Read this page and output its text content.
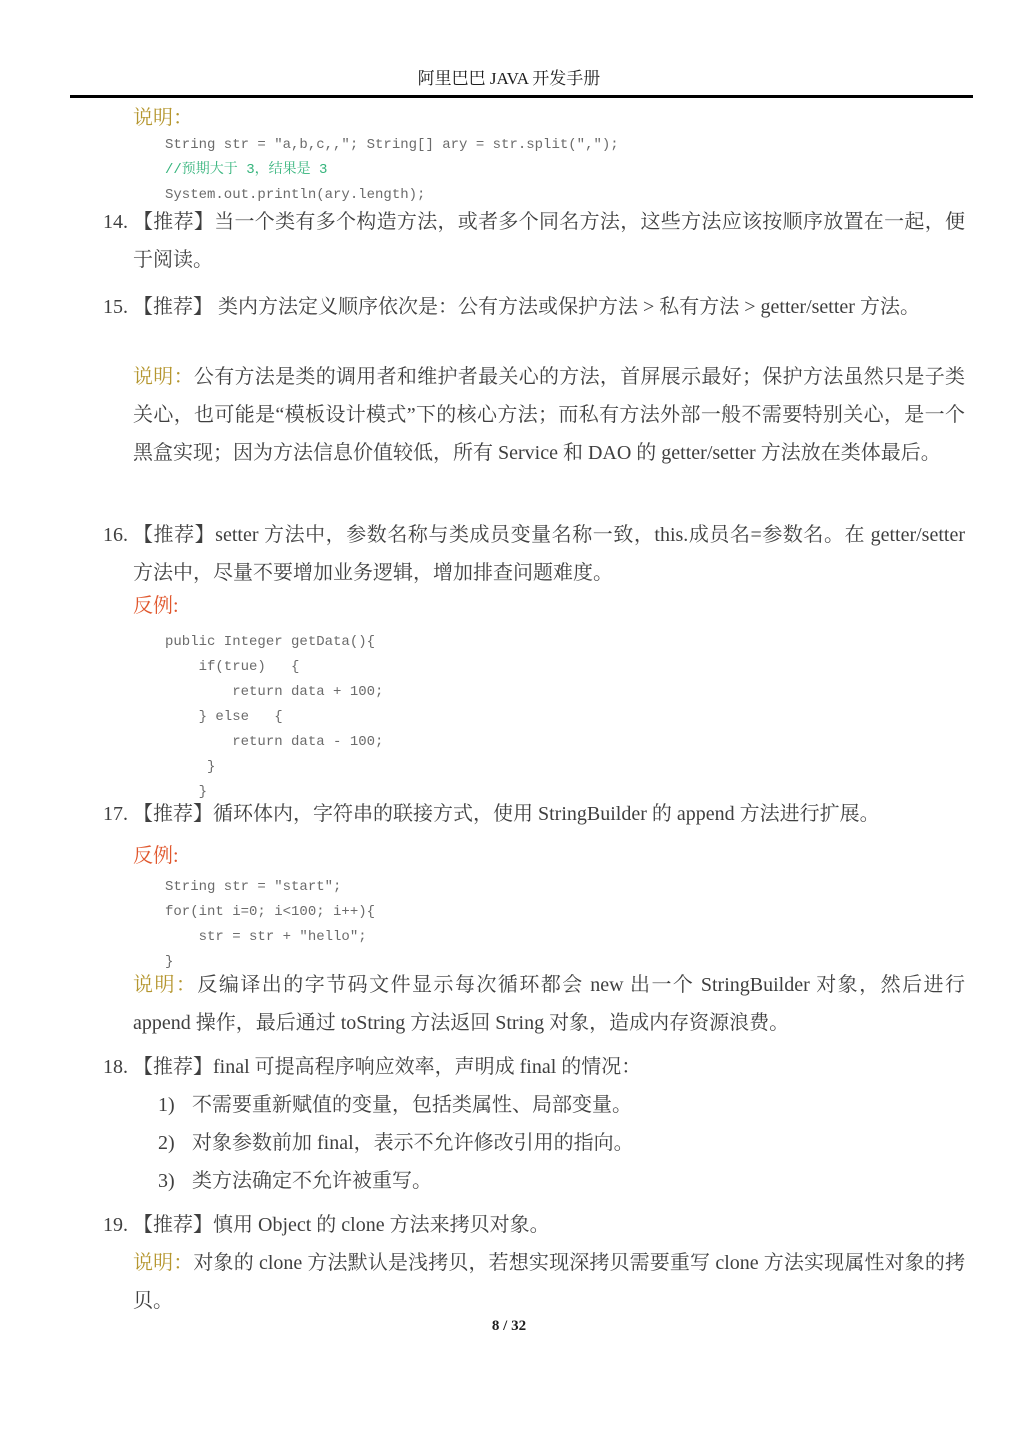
阿里巴巴 JAVA 开发手册
说明：
String str = ″a,b,c,,″; String[] ary = str.split(″,″);
//预期大于 3，结果是 3
System.out.println(ary.length);
14. 【推荐】当一个类有多个构造方法，或者多个同名方法，这些方法应该按顺序放置在一起，便于阅读。
15. 【推荐】 类内方法定义顺序依次是：公有方法或保护方法 > 私有方法 > getter/setter 方法。
说明：公有方法是类的调用者和维护者最关心的方法，首屏展示最好；保护方法虽然只是子类关心，也可能是“模板设计模式”下的核心方法；而私有方法外部一般不需要特别关心，是一个黑盒实现；因为方法信息价值较低，所有 Service 和 DAO 的 getter/setter 方法放在类体最后。
16. 【推荐】setter 方法中，参数名称与类成员变量名称一致，this.成员名=参数名。在 getter/setter 方法中，尽量不要增加业务逻辑，增加排查问题难度。
反例:
public Integer getData(){
if(true)   {
return data + 100;
} else   {
return data - 100;
}
}
17. 【推荐】循环体内，字符串的联接方式，使用 StringBuilder 的 append 方法进行扩展。
反例:
String str = ″start″;
for(int i=0; i<100; i++){
str = str + ″hello″;
}
说明：反编译出的字节码文件显示每次循环都会 new 出一个 StringBuilder 对象，然后进行 append 操作，最后通过 toString 方法返回 String 对象，造成内存资源浪费。
18. 【推荐】final 可提高程序响应效率，声明成 final 的情况：
1) 不需要重新赋值的变量，包括类属性、局部变量。
2) 对象参数前加 final，表示不允许修改引用的指向。
3) 类方法确定不允许被重写。
19. 【推荐】慎用 Object 的 clone 方法来拷贝对象。
说明：对象的 clone 方法默认是浅拷贝，若想实现深拷贝需要重写 clone 方法实现属性对象的拷贝。
8 / 32
